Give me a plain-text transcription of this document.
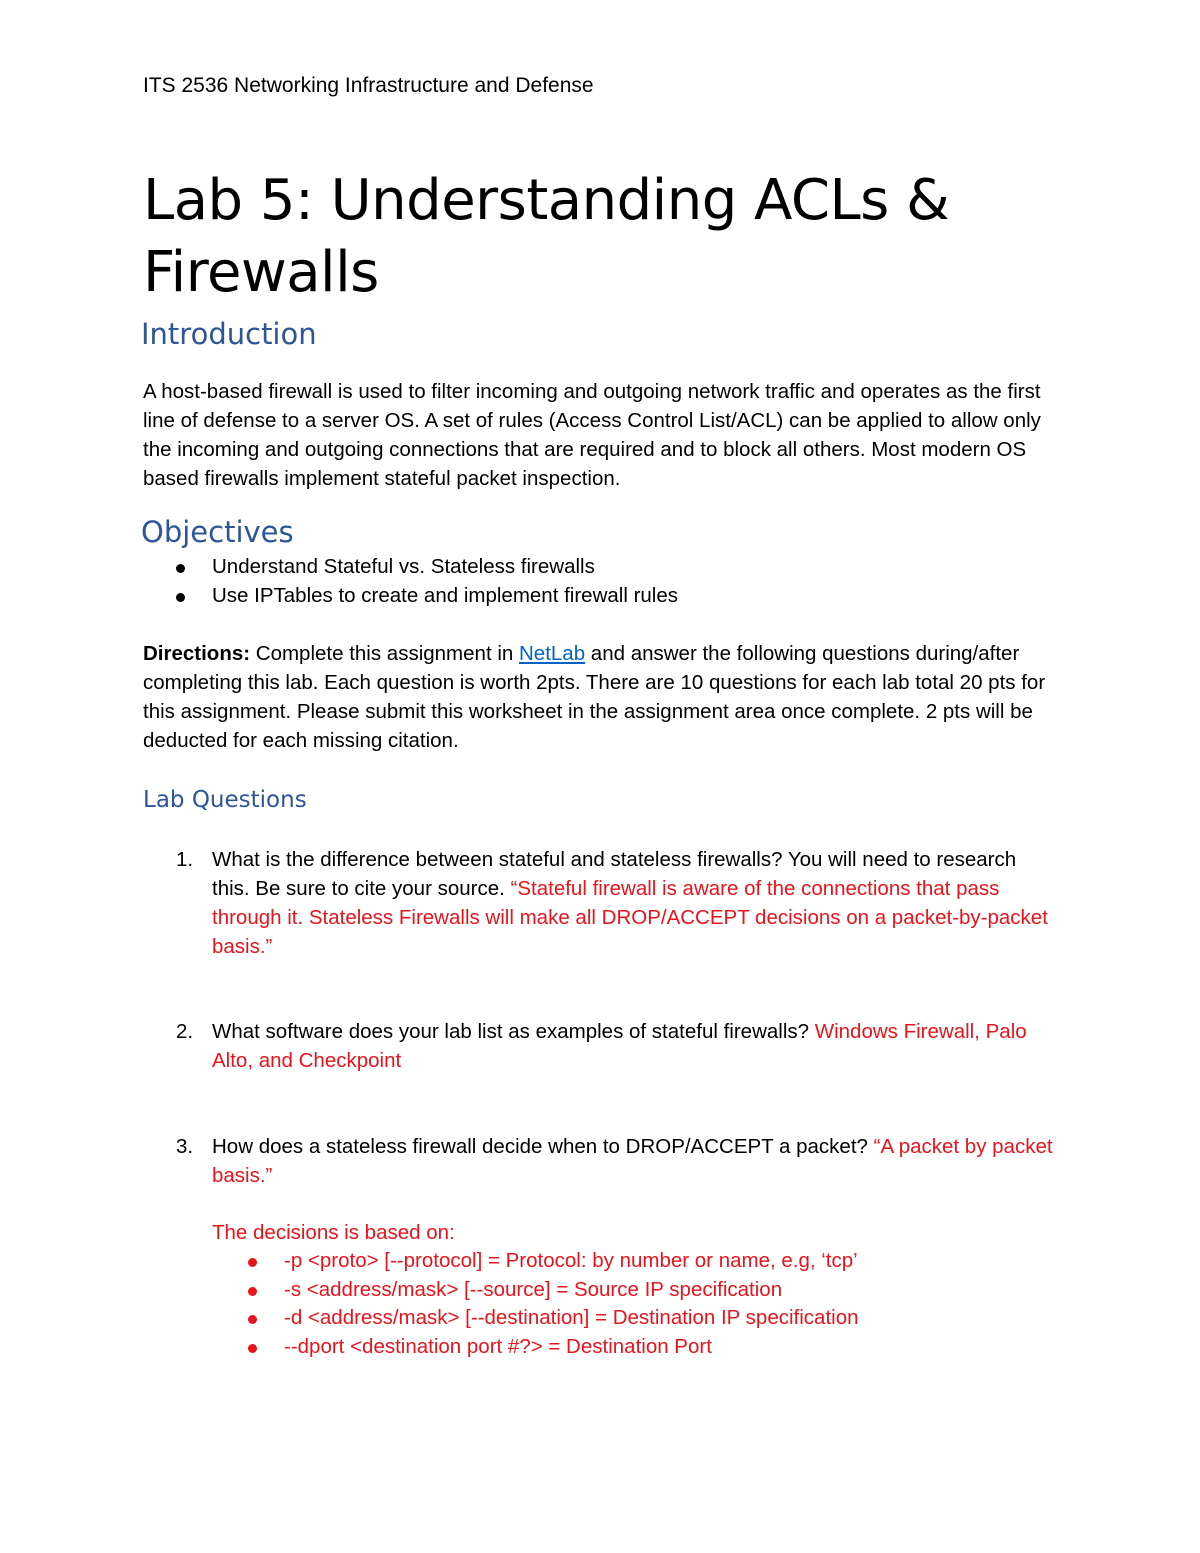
ITS 2536 Networking Infrastructure and Defense
Lab 5: Understanding ACLs &
Firewalls
Introduction

A host-based firewall is used to filter incoming and outgoing network traffic and operates as the first line of defense to a server OS. A set of rules (Access Control List/ACL) can be applied to allow only the incoming and outgoing connections that are required and to block all others. Most modern OS based firewalls implement stateful packet inspection.

Objectives
Understand Stateful vs. Stateless firewalls
Use IPTables to create and implement firewall rules

Directions: Complete this assignment in NetLab and answer the following questions during/after completing this lab. Each question is worth 2pts. There are 10 questions for each lab total 20 pts for this assignment. Please submit this worksheet in the assignment area once complete. 2 pts will be deducted for each missing citation.

Lab Questions
1. What is the difference between stateful and stateless firewalls? You will need to research this. Be sure to cite your source. “Stateful firewall is aware of the connections that pass through it. Stateless Firewalls will make all DROP/ACCEPT decisions on a packet-by-packet basis.”
2. What software does your lab list as examples of stateful firewalls? Windows Firewall, Palo Alto, and Checkpoint
3. How does a stateless firewall decide when to DROP/ACCEPT a packet? “A packet by packet basis.”
The decisions is based on:
-p <proto> [--protocol] = Protocol: by number or name, e.g, ‘tcp’
-s <address/mask> [--source] = Source IP specification
-d <address/mask> [--destination] = Destination IP specification
--dport <destination port #?> = Destination Port
